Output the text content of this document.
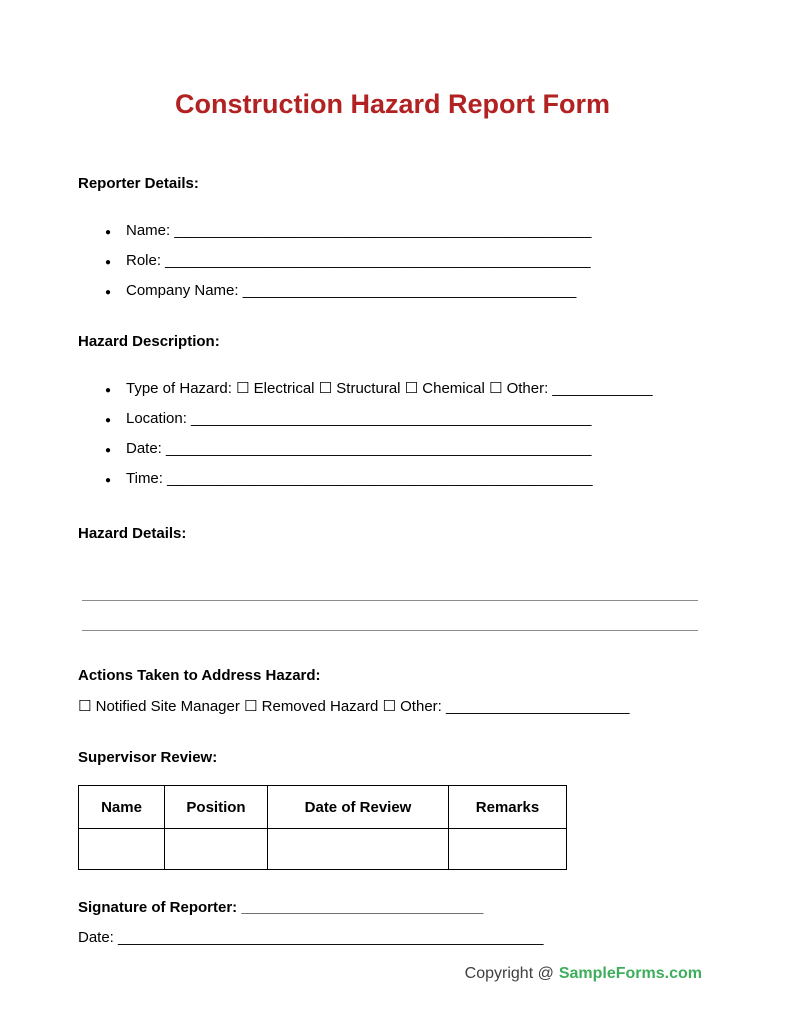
Construction Hazard Report Form

Reporter Details:

● Name: __________________________________________________
● Role: ___________________________________________________
● Company Name: ________________________________________

Hazard Description:

● Type of Hazard: ☐ Electrical ☐ Structural ☐ Chemical ☐ Other: ____________
● Location: ________________________________________________
● Date: ___________________________________________________
● Time: ___________________________________________________

Hazard Details:

Actions Taken to Address Hazard:

☐ Notified Site Manager ☐ Removed Hazard ☐ Other: ______________________

Supervisor Review:

Name	Position	Date of Review	Remarks

Signature of Reporter: _____________________________

Date: ___________________________________________________

Copyright @ SampleForms.com
